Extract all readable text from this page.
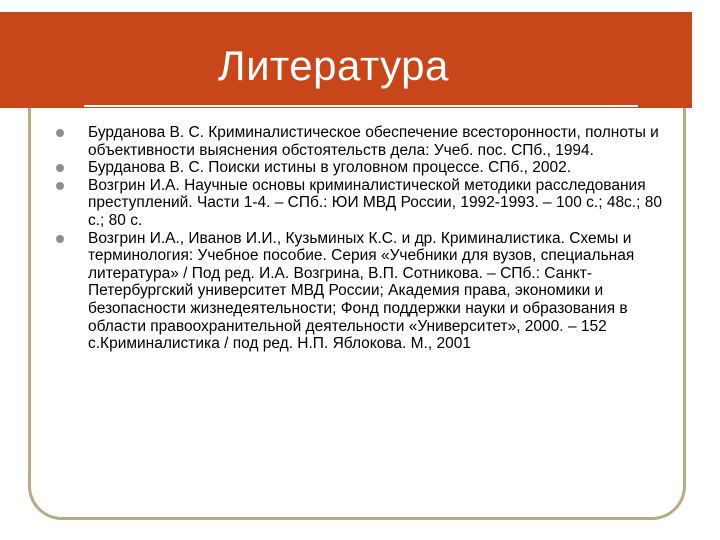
Литература
Бурданова В. С. Криминалистическое обеспечение всесторонности, полноты и объективности выяснения обстоятельств дела: Учеб. пос. СПб., 1994.
Бурданова В. С. Поиски истины в уголовном процессе. СПб., 2002.
Возгрин И.А. Научные основы криминалистической методики расследования преступлений. Части 1-4. – СПб.: ЮИ МВД России, 1992-1993. – 100 с.; 48с.; 80 с.; 80 с.
Возгрин И.А., Иванов И.И., Кузьминых К.С. и др. Криминалистика. Схемы и терминология: Учебное пособие. Серия «Учебники для вузов, специальная литература» / Под ред. И.А. Возгрина, В.П. Сотникова. – СПб.: Санкт- Петербургский университет МВД России; Академия права, экономики и безопасности жизнедеятельности; Фонд поддержки науки и образования в области правоохранительной деятельности «Университет», 2000. – 152 с.Криминалистика / под ред. Н.П. Яблокова. М., 2001
